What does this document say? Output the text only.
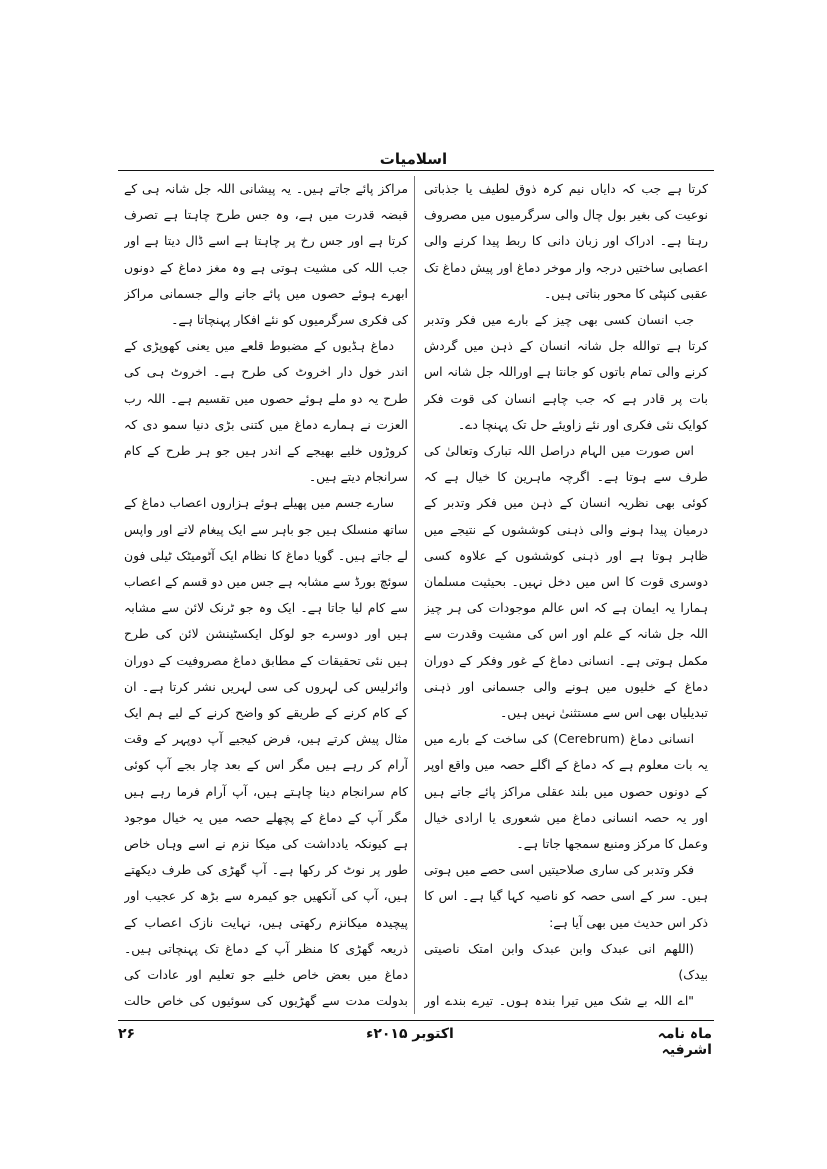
اسلامیات

کرتا ہے جب کہ دایاں نیم کرہ ذوق لطیف یا جذباتی نوعیت کی بغیر بول چال والی سرگرمیوں میں مصروف رہتا ہے۔ ادراک اور زبان دانی کا ربط پیدا کرنے والی اعصابی ساختیں درجہ وار موخر دماغ اور پیش دماغ تک عقبی کنپٹی کا محور بناتی ہیں۔

جب انسان کسی بھی چیز کے بارے میں فکر وتدبر کرتا ہے توالله جل شانہ انسان کے ذہن میں گردش کرنے والی تمام باتوں کو جانتا ہے اوراللہ جل شانہ اس بات پر قادر ہے کہ جب چاہے انسان کی قوت فکر کوایک نئی فکری اور نئے زاویئے حل تک پہنچا دے۔

اس صورت میں الہام دراصل اللہ تبارک وتعالیٰ کی طرف سے ہوتا ہے۔ اگرچہ ماہرین کا خیال ہے کہ کوئی بھی نظریہ انسان کے ذہن میں فکر وتدبر کے درمیان پیدا ہونے والی ذہنی کوششوں کے نتیجے میں ظاہر ہوتا ہے اور ذہنی کوششوں کے علاوہ کسی دوسری قوت کا اس میں دخل نہیں۔ بحیثیت مسلمان ہمارا یہ ایمان ہے کہ اس عالم موجودات کی ہر چیز اللہ جل شانہ کے علم اور اس کی مشیت وقدرت سے مکمل ہوتی ہے۔ انسانی دماغ کے غور وفکر کے دوران دماغ کے خلیوں میں ہونے والی جسمانی اور ذہنی تبدیلیاں بھی اس سے مستثنیٰ نہیں ہیں۔

انسانی دماغ (Cerebrum) کی ساخت کے بارے میں یہ بات معلوم ہے کہ دماغ کے اگلے حصہ میں واقع اوپر کے دونوں حصوں میں بلند عقلی مراکز پائے جاتے ہیں اور یہ حصہ انسانی دماغ میں شعوری یا ارادی خیال وعمل کا مرکز ومنبع سمجھا جاتا ہے۔

فکر وتدبر کی ساری صلاحیتیں اسی حصے میں ہوتی ہیں۔ سر کے اسی حصہ کو ناصیہ کہا گیا ہے۔ اس کا ذکر اس حدیث میں بھی آیا ہے:

(اللھم انی عبدک وابن عبدک وابن امتک ناصیتی بیدک)

"اے اللہ بے شک میں تیرا بندہ ہوں۔ تیرے بندے اور

مراکز پائے جاتے ہیں۔ یہ پیشانی اللہ جل شانہ ہی کے قبضہ قدرت میں ہے، وہ جس طرح چاہتا ہے تصرف کرتا ہے اور جس رخ پر چاہتا ہے اسے ڈال دیتا ہے اور جب اللہ کی مشیت ہوتی ہے وہ مغز دماغ کے دونوں ابھرے ہوئے حصوں میں پائے جانے والے جسمانی مراکز کی فکری سرگرمیوں کو نئے افکار پہنچاتا ہے۔

دماغ ہڈیوں کے مضبوط قلعے میں یعنی کھوپڑی کے اندر خول دار اخروٹ کی طرح ہے۔ اخروٹ ہی کی طرح یہ دو ملے ہوئے حصوں میں تقسیم ہے۔ اللہ رب العزت نے ہمارے دماغ میں کتنی بڑی دنیا سمو دی کہ کروڑوں خلیے بھیجے کے اندر ہیں جو ہر طرح کے کام سرانجام دیتے ہیں۔

سارے جسم میں پھیلے ہوئے ہزاروں اعصاب دماغ کے ساتھ منسلک ہیں جو باہر سے ایک پیغام لاتے اور واپس لے جاتے ہیں۔ گویا دماغ کا نظام ایک آٹومیٹک ٹیلی فون سوئچ بورڈ سے مشابہ ہے جس میں دو قسم کے اعصاب سے کام لیا جاتا ہے۔ ایک وہ جو ٹرنک لائن سے مشابہ ہیں اور دوسرے جو لوکل ایکسٹینشن لائن کی طرح ہیں نئی تحقیقات کے مطابق دماغ مصروفیت کے دوران وائرلیس کی لہروں کی سی لہریں نشر کرتا ہے۔ ان کے کام کرنے کے طریقے کو واضح کرنے کے لیے ہم ایک مثال پیش کرتے ہیں، فرض کیجیے آپ دوپہر کے وقت آرام کر رہے ہیں مگر اس کے بعد چار بجے آپ کوئی کام سرانجام دینا چاہتے ہیں، آپ آرام فرما رہے ہیں مگر آپ کے دماغ کے پچھلے حصہ میں یہ خیال موجود ہے کیونکہ یادداشت کی میکا نزم نے اسے وہاں خاص طور پر نوٹ کر رکھا ہے۔ آپ گھڑی کی طرف دیکھتے ہیں، آپ کی آنکھیں جو کیمرہ سے بڑھ کر عجیب اور پیچیدہ میکانزم رکھتی ہیں، نہایت نازک اعصاب کے ذریعہ گھڑی کا منظر آپ کے دماغ تک پہنچاتی ہیں۔ دماغ میں بعض خاص خلیے جو تعلیم اور عادات کی بدولت مدت سے گھڑیوں کی سوئیوں کی خاص حالت

ماہ نامہ اشرفیہ
اکتوبر ۲۰۱۵ء
۲۶
